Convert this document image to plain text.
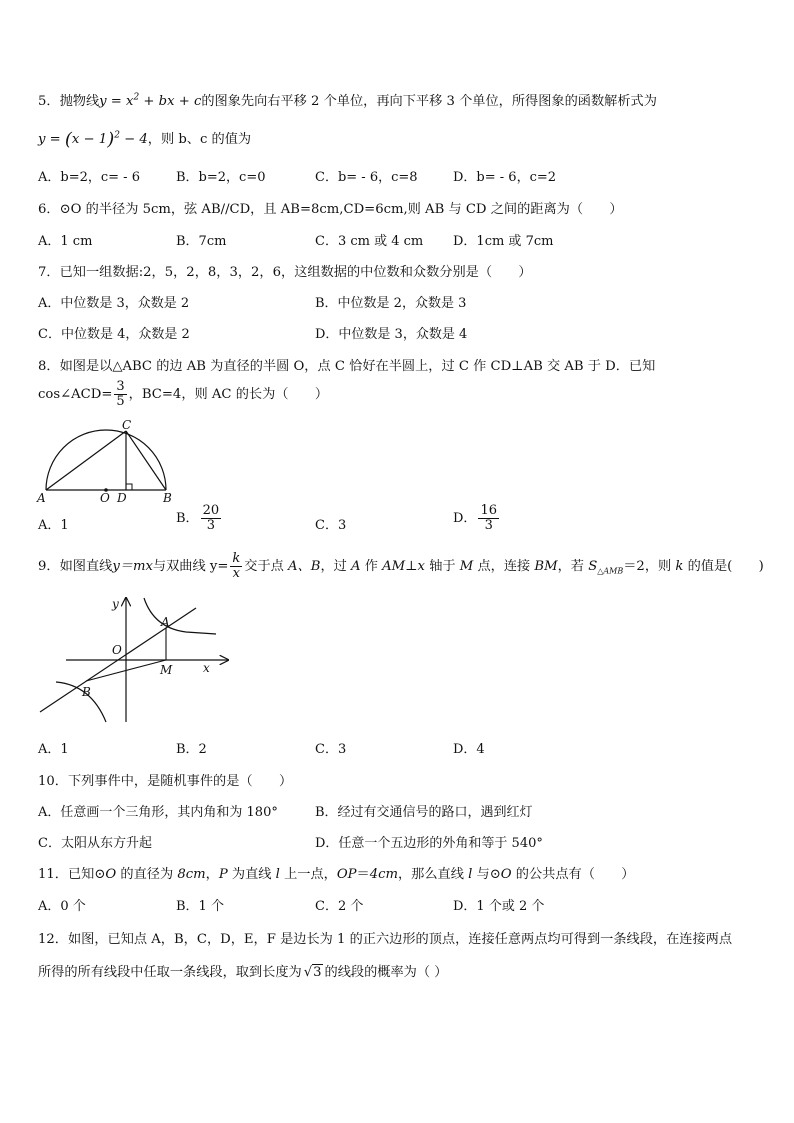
5．抛物线$y = x^2$ + bx + c的图象先向右平移 2 个单位，再向下平移 3 个单位，所得图象的函数解析式为
$y = (x - 1)^2 - 4$，则 b、c 的值为
A．b=2，c= - 6	B．b=2，c=0	C．b= - 6，c=8	D．b= - 6，c=2
6．⊙O 的半径为 5cm，弦 AB//CD，且 AB=8cm,CD=6cm,则 AB 与 CD 之间的距离为（　　）
A．1 cm	B．7cm	C．3 cm 或 4 cm D．1cm 或 7cm
7．已知一组数据:2，5，2，8，3，2，6，这组数据的中位数和众数分别是（　　）
A．中位数是 3，众数是 2	B．中位数是 2，众数是 3
C．中位数是 4，众数是 2	D．中位数是 3，众数是 4
8．如图是以△ABC 的边 AB 为直径的半圆 O，点 C 恰好在半圆上，过 C 作 CD⊥AB 交 AB 于 D．已知
cos∠ACD= $\frac{3}{5}$ ，BC=4，则 AC 的长为（　　）
A	O D	B
C
A．1	B． $\frac{20}{3}$	C．3	D． $\frac{16}{3}$
9．如图直线y＝mx与双曲线 $y= \frac{k}{x}$ 交于点 A、B，过 A 作 AM⊥x 轴于 M 点，连接 BM，若 $S_{\triangle AMB}=2$，则 k 的值是(　　)
y
x
O
A
B
M
A．1	B．2	C．3	D．4
10．下列事件中，是随机事件的是（　　）
A．任意画一个三角形，其内角和为 180°	B．经过有交通信号的路口，遇到红灯
C．太阳从东方升起	D．任意一个五边形的外角和等于 540°
11．已知⊙O 的直径为 8cm，P 为直线 l 上一点，OP＝4cm，那么直线 l 与⊙O 的公共点有（　　）
A．0 个	B．1 个	C．2 个	D．1 个或 2 个
12．如图，已知点 A，B，C，D，E，F 是边长为 1 的正六边形的顶点，连接任意两点均可得到一条线段，在连接两点
所得的所有线段中任取一条线段，取到长度为 √3 的线段的概率为（ ）
